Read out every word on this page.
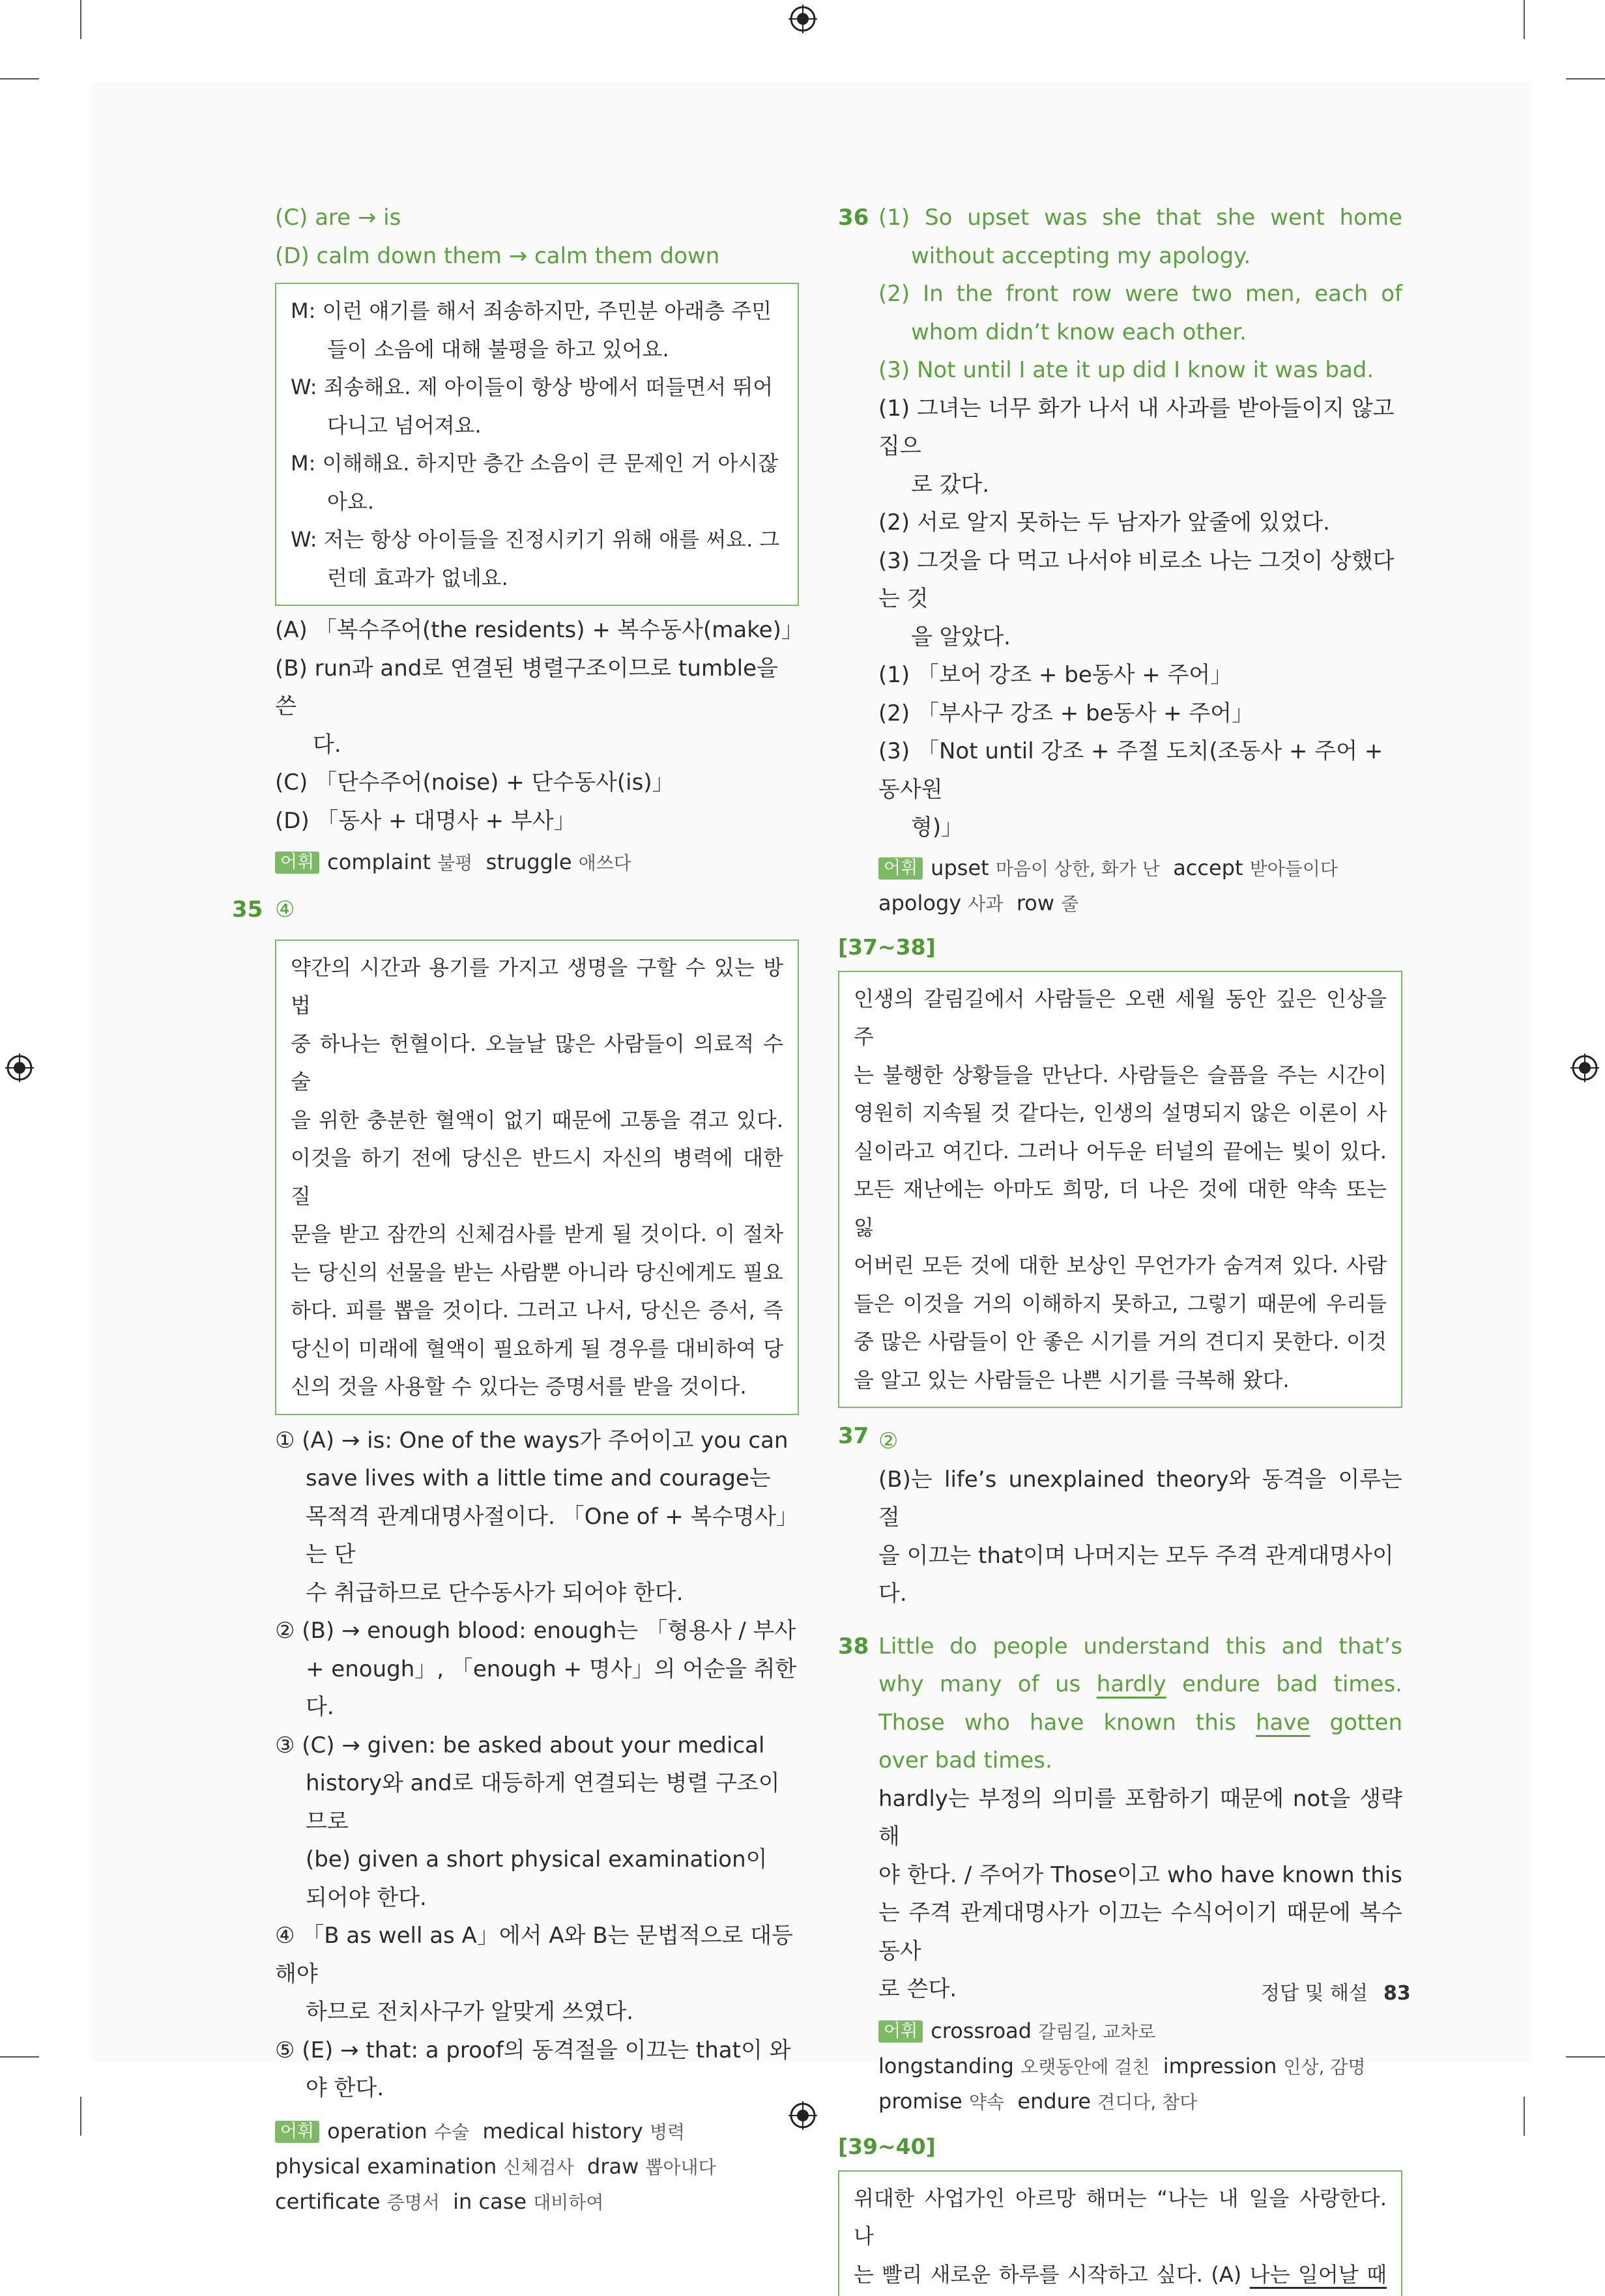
(C) are → is
(D) calm down them → calm them down
M: 이런 얘기를 해서 죄송하지만, 주민분 아래층 주민
들이 소음에 대해 불평을 하고 있어요.
W: 죄송해요. 제 아이들이 항상 방에서 떠들면서 뛰어
다니고 넘어져요.
M: 이해해요. 하지만 층간 소음이 큰 문제인 거 아시잖
아요.
W: 저는 항상 아이들을 진정시키기 위해 애를 써요. 그
런데 효과가 없네요.
(A) 「복수주어(the residents) + 복수동사(make)」
(B) run과 and로 연결된 병렬구조이므로 tumble을 쓴
다.
(C) 「단수주어(noise) + 단수동사(is)」
(D) 「동사 + 대명사 + 부사」
어휘 complaint 불평 struggle 애쓰다
35 ④
약간의 시간과 용기를 가지고 생명을 구할 수 있는 방법
중 하나는 헌혈이다. 오늘날 많은 사람들이 의료적 수술
을 위한 충분한 혈액이 없기 때문에 고통을 겪고 있다.
이것을 하기 전에 당신은 반드시 자신의 병력에 대한 질
문을 받고 잠깐의 신체검사를 받게 될 것이다. 이 절차
는 당신의 선물을 받는 사람뿐 아니라 당신에게도 필요
하다. 피를 뽑을 것이다. 그러고 나서, 당신은 증서, 즉
당신이 미래에 혈액이 필요하게 될 경우를 대비하여 당
신의 것을 사용할 수 있다는 증명서를 받을 것이다.
① (A) → is: One of the ways가 주어이고 you can
save lives with a little time and courage는
목적격 관계대명사절이다. 「One of + 복수명사」는 단
수 취급하므로 단수동사가 되어야 한다.
② (B) → enough blood: enough는 「형용사 / 부사
+ enough」, 「enough + 명사」의 어순을 취한다.
③ (C) → given: be asked about your medical
history와 and로 대등하게 연결되는 병렬 구조이므로
(be) given a short physical examination이
되어야 한다.
④ 「B as well as A」에서 A와 B는 문법적으로 대등해야
하므로 전치사구가 알맞게 쓰였다.
⑤ (E) → that: a proof의 동격절을 이끄는 that이 와
야 한다.
어휘 operation 수술 medical history 병력
physical examination 신체검사 draw 뽑아내다
certificate 증명서 in case 대비하여
36 (1) So upset was she that she went home
without accepting my apology.
(2) In the front row were two men, each of
whom didn’t know each other.
(3) Not until I ate it up did I know it was bad.
(1) 그녀는 너무 화가 나서 내 사과를 받아들이지 않고 집으
로 갔다.
(2) 서로 알지 못하는 두 남자가 앞줄에 있었다.
(3) 그것을 다 먹고 나서야 비로소 나는 그것이 상했다는 것
을 알았다.
(1) 「보어 강조 + be동사 + 주어」
(2) 「부사구 강조 + be동사 + 주어」
(3) 「Not until 강조 + 주절 도치(조동사 + 주어 + 동사원
형)」
어휘 upset 마음이 상한, 화가 난 accept 받아들이다
apology 사과 row 줄
[37~38]
인생의 갈림길에서 사람들은 오랜 세월 동안 깊은 인상을 주
는 불행한 상황들을 만난다. 사람들은 슬픔을 주는 시간이
영원히 지속될 것 같다는, 인생의 설명되지 않은 이론이 사
실이라고 여긴다. 그러나 어두운 터널의 끝에는 빛이 있다.
모든 재난에는 아마도 희망, 더 나은 것에 대한 약속 또는 잃
어버린 모든 것에 대한 보상인 무언가가 숨겨져 있다. 사람
들은 이것을 거의 이해하지 못하고, 그렇기 때문에 우리들
중 많은 사람들이 안 좋은 시기를 거의 견디지 못한다. 이것
을 알고 있는 사람들은 나쁜 시기를 극복해 왔다.
37 ②
(B)는 life’s unexplained theory와 동격을 이루는 절
을 이끄는 that이며 나머지는 모두 주격 관계대명사이다.
38 Little do people understand this and that’s
why many of us hardly endure bad times.
Those who have known this have gotten
over bad times.
hardly는 부정의 의미를 포함하기 때문에 not을 생략해
야 한다. / 주어가 Those이고 who have known this
는 주격 관계대명사가 이끄는 수식어이기 때문에 복수동사
로 쓴다.
어휘 crossroad 갈림길, 교차로
longstanding 오랫동안에 걸친 impression 인상, 감명
promise 약속 endure 견디다, 참다
[39~40]
위대한 사업가인 아르망 해머는 “나는 내 일을 사랑한다. 나
는 빨리 새로운 하루를 시작하고 싶다. (A) 나는 일어날 때
정답 및 해설 83
